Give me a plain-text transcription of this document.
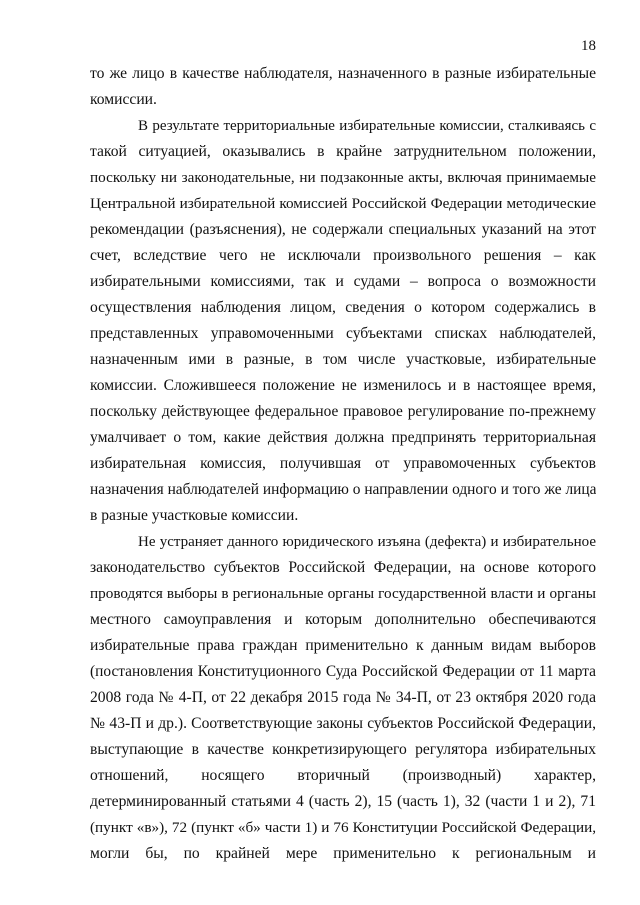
18
то же лицо в качестве наблюдателя, назначенного в разные избирательные
комиссии.
В результате территориальные избирательные комиссии, сталкиваясь с
такой ситуацией, оказывались в крайне затруднительном положении,
поскольку ни законодательные, ни подзаконные акты, включая принимаемые
Центральной избирательной комиссией Российской Федерации методические
рекомендации (разъяснения), не содержали специальных указаний на этот
счет, вследствие чего не исключали произвольного решения – как
избирательными комиссиями, так и судами – вопроса о возможности
осуществления наблюдения лицом, сведения о котором содержались в
представленных управомоченными субъектами списках наблюдателей,
назначенным ими в разные, в том числе участковые, избирательные
комиссии. Сложившееся положение не изменилось и в настоящее время,
поскольку действующее федеральное правовое регулирование по-прежнему
умалчивает о том, какие действия должна предпринять территориальная
избирательная комиссия, получившая от управомоченных субъектов
назначения наблюдателей информацию о направлении одного и того же лица
в разные участковые комиссии.
Не устраняет данного юридического изъяна (дефекта) и избирательное
законодательство субъектов Российской Федерации, на основе которого
проводятся выборы в региональные органы государственной власти и органы
местного самоуправления и которым дополнительно обеспечиваются
избирательные права граждан применительно к данным видам выборов
(постановления Конституционного Суда Российской Федерации от 11 марта
2008 года № 4-П, от 22 декабря 2015 года № 34-П, от 23 октября 2020 года
№ 43-П и др.). Соответствующие законы субъектов Российской Федерации,
выступающие в качестве конкретизирующего регулятора избирательных
отношений, носящего вторичный (производный) характер,
детерминированный статьями 4 (часть 2), 15 (часть 1), 32 (части 1 и 2), 71
(пункт «в»), 72 (пункт «б» части 1) и 76 Конституции Российской Федерации,
могли бы, по крайней мере применительно к региональным и
